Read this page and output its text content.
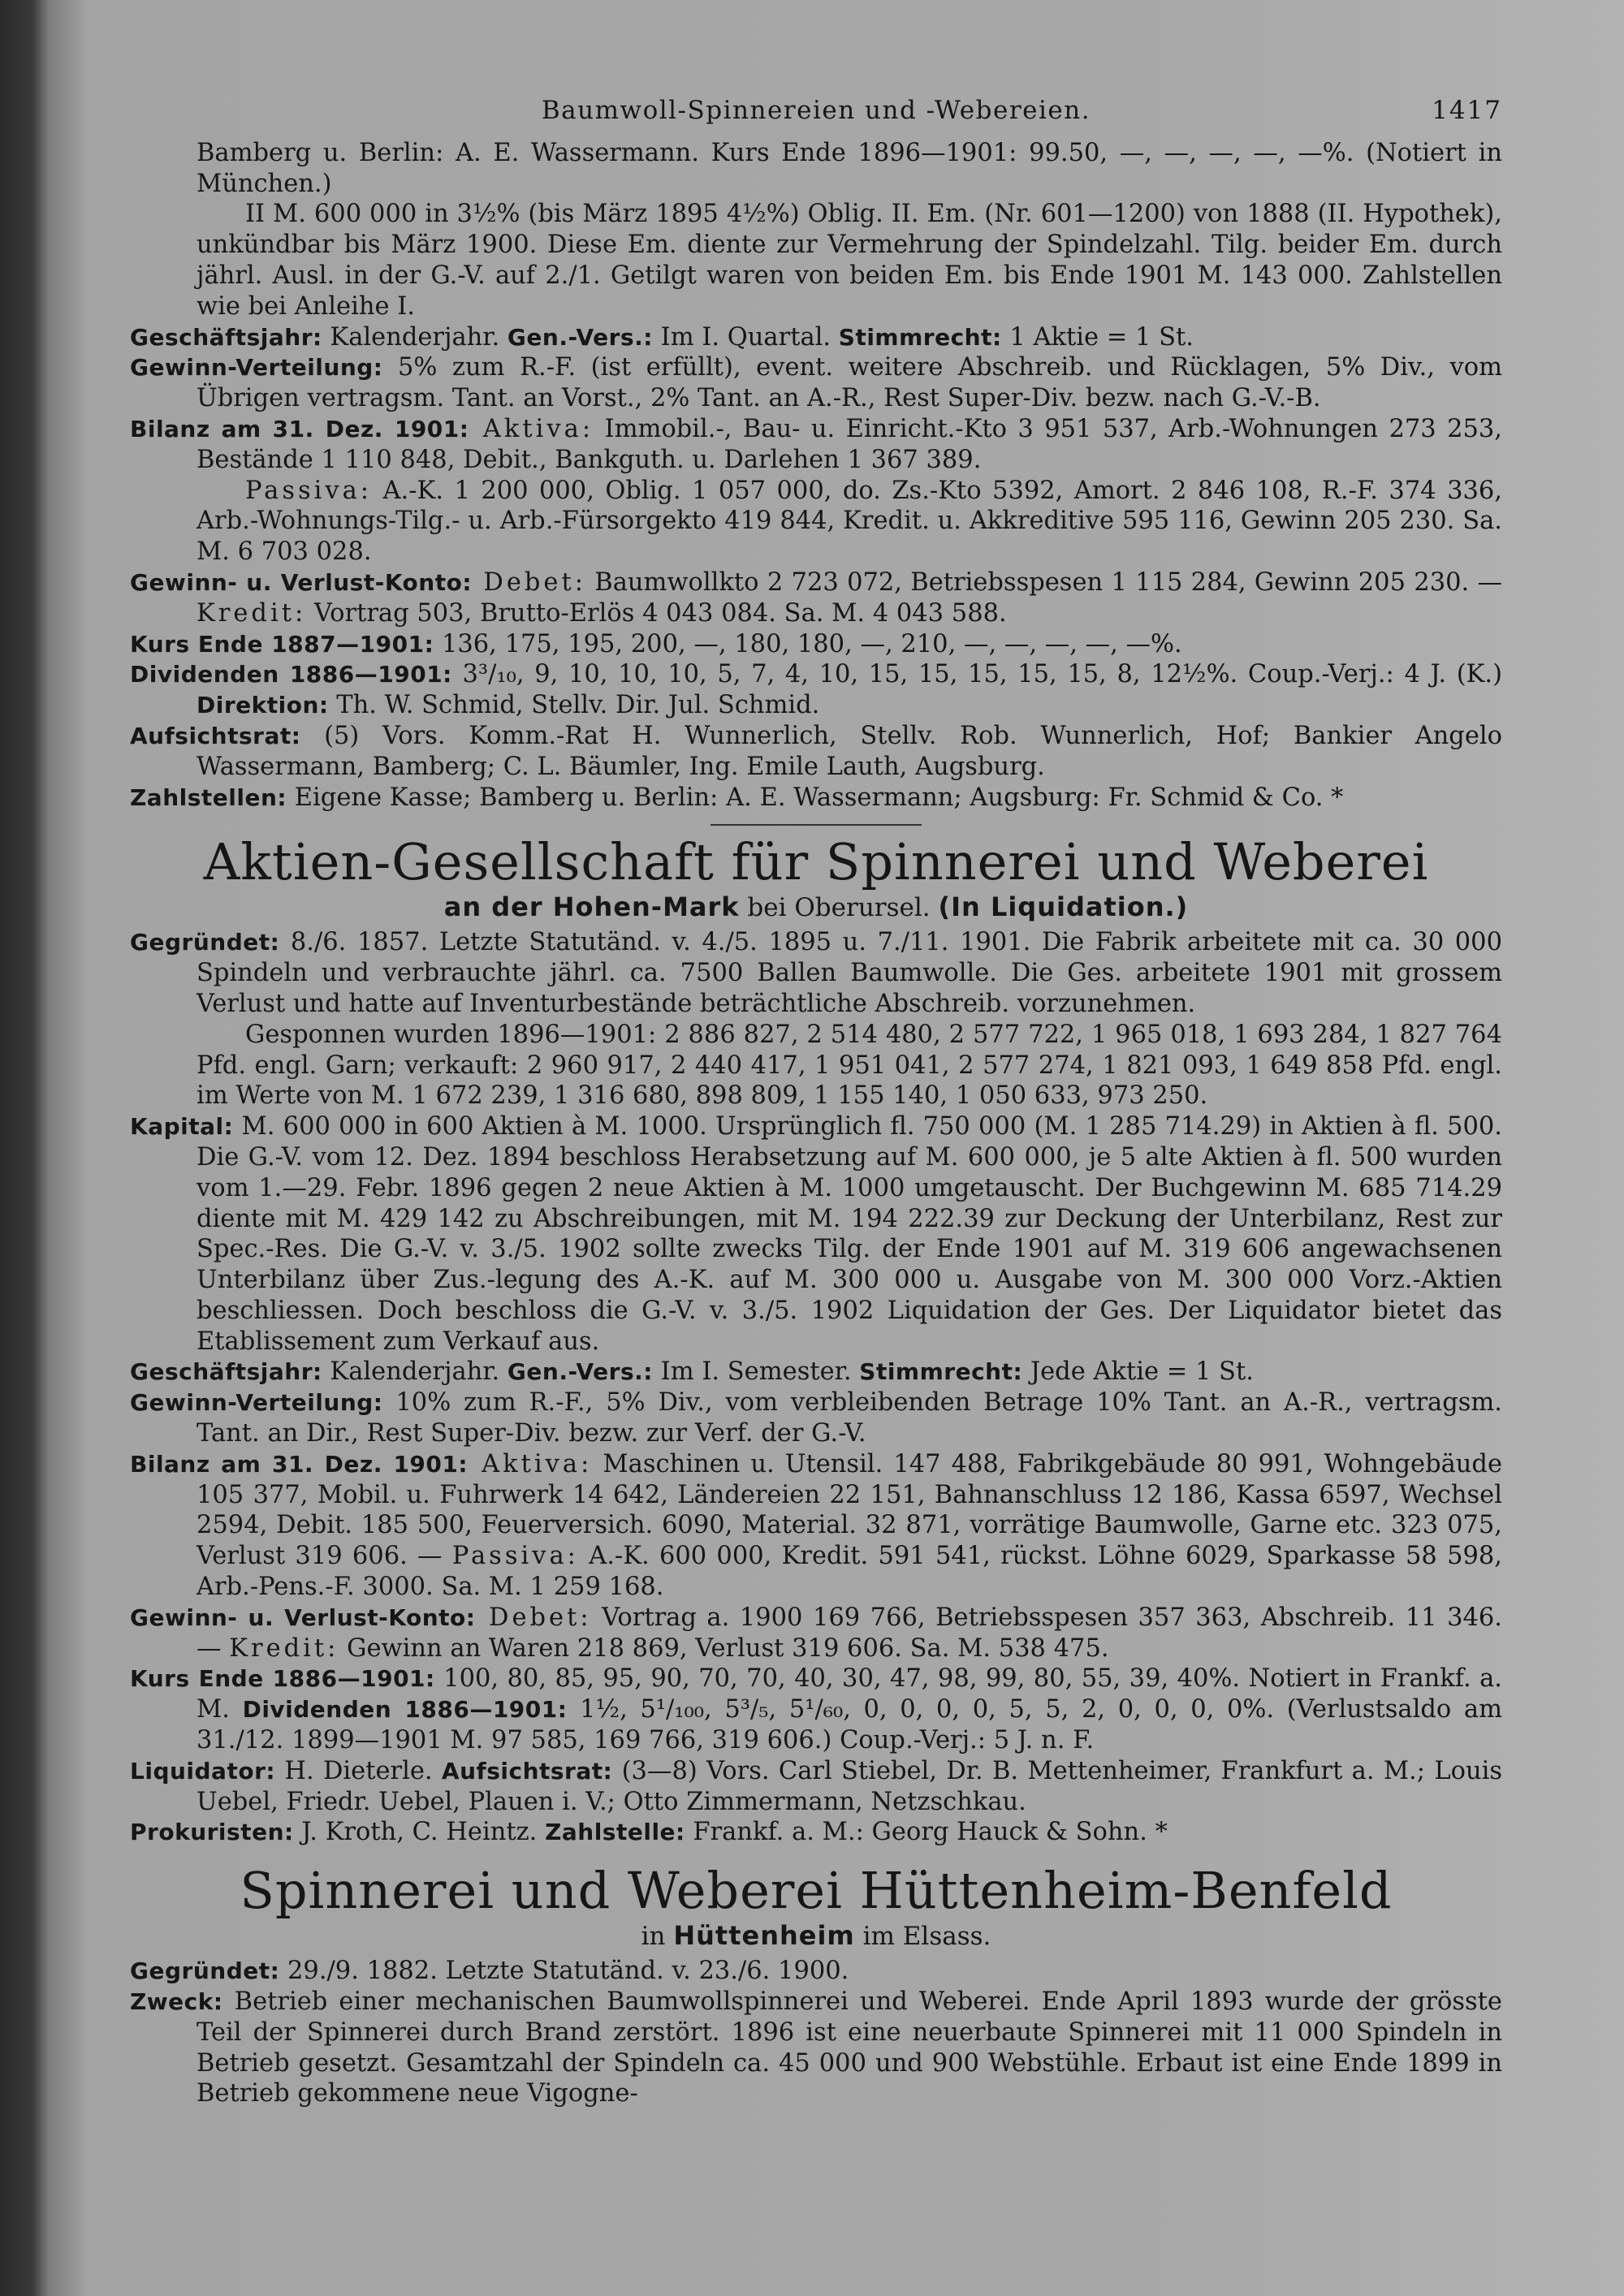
Baumwoll-Spinnereien und -Webereien.	1417

Bamberg u. Berlin: A. E. Wassermann. Kurs Ende 1896—1901: 99.50, —, —, —, —, —%. (Notiert in München.)

II M. 600 000 in 3½% (bis März 1895 4½%) Oblig. II. Em. (Nr. 601—1200) von 1888 (II. Hypothek), unkündbar bis März 1900. Diese Em. diente zur Vermehrung der Spindelzahl. Tilg. beider Em. durch jährl. Ausl. in der G.-V. auf 2./1. Getilgt waren von beiden Em. bis Ende 1901 M. 143 000. Zahlstellen wie bei Anleihe I.

Geschäftsjahr: Kalenderjahr. Gen.-Vers.: Im I. Quartal. Stimmrecht: 1 Aktie = 1 St.

Gewinn-Verteilung: 5% zum R.-F. (ist erfüllt), event. weitere Abschreib. und Rücklagen, 5% Div., vom Übrigen vertragsm. Tant. an Vorst., 2% Tant. an A.-R., Rest Super-Div. bezw. nach G.-V.-B.

Bilanz am 31. Dez. 1901: Aktiva: Immobil.-, Bau- u. Einricht.-Kto 3 951 537, Arb.-Wohnungen 273 253, Bestände 1 110 848, Debit., Bankguth. u. Darlehen 1 367 389.

Passiva: A.-K. 1 200 000, Oblig. 1 057 000, do. Zs.-Kto 5392, Amort. 2 846 108, R.-F. 374 336, Arb.-Wohnungs-Tilg.- u. Arb.-Fürsorgekto 419 844, Kredit. u. Akkreditive 595 116, Gewinn 205 230. Sa. M. 6 703 028.

Gewinn- u. Verlust-Konto: Debet: Baumwollkto 2 723 072, Betriebsspesen 1 115 284, Gewinn 205 230. — Kredit: Vortrag 503, Brutto-Erlös 4 043 084. Sa. M. 4 043 588.

Kurs Ende 1887—1901: 136, 175, 195, 200, —, 180, 180, —, 210, —, —, —, —, —%.

Dividenden 1886—1901: 3³/₁₀, 9, 10, 10, 10, 5, 7, 4, 10, 15, 15, 15, 15, 15, 8, 12½%. Coup.-Verj.: 4 J. (K.) Direktion: Th. W. Schmid, Stellv. Dir. Jul. Schmid.

Aufsichtsrat: (5) Vors. Komm.-Rat H. Wunnerlich, Stellv. Rob. Wunnerlich, Hof; Bankier Angelo Wassermann, Bamberg; C. L. Bäumler, Ing. Emile Lauth, Augsburg.

Zahlstellen: Eigene Kasse; Bamberg u. Berlin: A. E. Wassermann; Augsburg: Fr. Schmid & Co. *

Aktien-Gesellschaft für Spinnerei und Weberei
an der Hohen-Mark bei Oberursel. (In Liquidation.)

Gegründet: 8./6. 1857. Letzte Statutänd. v. 4./5. 1895 u. 7./11. 1901. Die Fabrik arbeitete mit ca. 30 000 Spindeln und verbrauchte jährl. ca. 7500 Ballen Baumwolle. Die Ges. arbeitete 1901 mit grossem Verlust und hatte auf Inventurbestände beträchtliche Abschreib. vorzunehmen.

Gesponnen wurden 1896—1901: 2 886 827, 2 514 480, 2 577 722, 1 965 018, 1 693 284, 1 827 764 Pfd. engl. Garn; verkauft: 2 960 917, 2 440 417, 1 951 041, 2 577 274, 1 821 093, 1 649 858 Pfd. engl. im Werte von M. 1 672 239, 1 316 680, 898 809, 1 155 140, 1 050 633, 973 250.

Kapital: M. 600 000 in 600 Aktien à M. 1000. Ursprünglich fl. 750 000 (M. 1 285 714.29) in Aktien à fl. 500. Die G.-V. vom 12. Dez. 1894 beschloss Herabsetzung auf M. 600 000, je 5 alte Aktien à fl. 500 wurden vom 1.—29. Febr. 1896 gegen 2 neue Aktien à M. 1000 umgetauscht. Der Buchgewinn M. 685 714.29 diente mit M. 429 142 zu Abschreibungen, mit M. 194 222.39 zur Deckung der Unterbilanz, Rest zur Spec.-Res. Die G.-V. v. 3./5. 1902 sollte zwecks Tilg. der Ende 1901 auf M. 319 606 angewachsenen Unterbilanz über Zus.-legung des A.-K. auf M. 300 000 u. Ausgabe von M. 300 000 Vorz.-Aktien beschliessen. Doch beschloss die G.-V. v. 3./5. 1902 Liquidation der Ges. Der Liquidator bietet das Etablissement zum Verkauf aus.

Geschäftsjahr: Kalenderjahr. Gen.-Vers.: Im I. Semester. Stimmrecht: Jede Aktie = 1 St.

Gewinn-Verteilung: 10% zum R.-F., 5% Div., vom verbleibenden Betrage 10% Tant. an A.-R., vertragsm. Tant. an Dir., Rest Super-Div. bezw. zur Verf. der G.-V.

Bilanz am 31. Dez. 1901: Aktiva: Maschinen u. Utensil. 147 488, Fabrikgebäude 80 991, Wohngebäude 105 377, Mobil. u. Fuhrwerk 14 642, Ländereien 22 151, Bahnanschluss 12 186, Kassa 6597, Wechsel 2594, Debit. 185 500, Feuerversich. 6090, Material. 32 871, vorrätige Baumwolle, Garne etc. 323 075, Verlust 319 606. — Passiva: A.-K. 600 000, Kredit. 591 541, rückst. Löhne 6029, Sparkasse 58 598, Arb.-Pens.-F. 3000. Sa. M. 1 259 168.

Gewinn- u. Verlust-Konto: Debet: Vortrag a. 1900 169 766, Betriebsspesen 357 363, Abschreib. 11 346. — Kredit: Gewinn an Waren 218 869, Verlust 319 606. Sa. M. 538 475.

Kurs Ende 1886—1901: 100, 80, 85, 95, 90, 70, 70, 40, 30, 47, 98, 99, 80, 55, 39, 40%. Notiert in Frankf. a. M. Dividenden 1886—1901: 1½, 5¹/₁₀₀, 5³/₅, 5¹/₆₀, 0, 0, 0, 0, 5, 5, 2, 0, 0, 0, 0%. (Verlustsaldo am 31./12. 1899—1901 M. 97 585, 169 766, 319 606.) Coup.-Verj.: 5 J. n. F.

Liquidator: H. Dieterle. Aufsichtsrat: (3—8) Vors. Carl Stiebel, Dr. B. Mettenheimer, Frankfurt a. M.; Louis Uebel, Friedr. Uebel, Plauen i. V.; Otto Zimmermann, Netzschkau.

Prokuristen: J. Kroth, C. Heintz. Zahlstelle: Frankf. a. M.: Georg Hauck & Sohn. *

Spinnerei und Weberei Hüttenheim-Benfeld
in Hüttenheim im Elsass.

Gegründet: 29./9. 1882. Letzte Statutänd. v. 23./6. 1900.

Zweck: Betrieb einer mechanischen Baumwollspinnerei und Weberei. Ende April 1893 wurde der grösste Teil der Spinnerei durch Brand zerstört. 1896 ist eine neuerbaute Spinnerei mit 11 000 Spindeln in Betrieb gesetzt. Gesamtzahl der Spindeln ca. 45 000 und 900 Webstühle. Erbaut ist eine Ende 1899 in Betrieb gekommene neue Vigogne-
